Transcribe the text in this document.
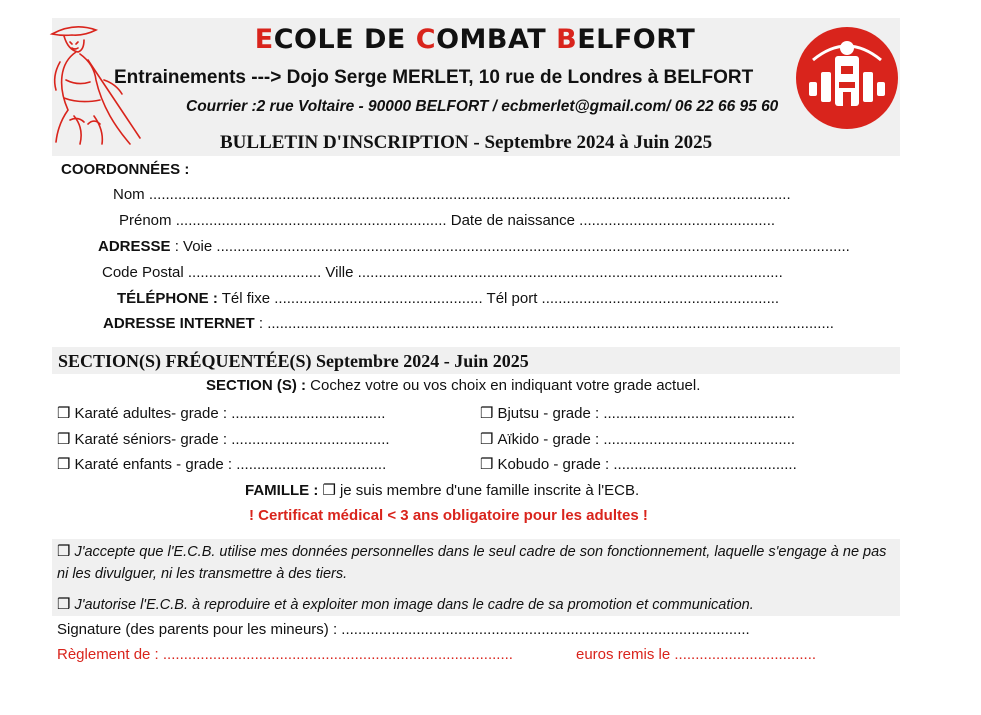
ECOLE DE COMBAT BELFORT
Entrainements ---> Dojo Serge MERLET, 10 rue de Londres à BELFORT
Courrier :2 rue Voltaire - 90000 BELFORT / ecbmerlet@gmail.com/ 06 22 66 95 60
BULLETIN D'INSCRIPTION - Septembre 2024 à Juin 2025
COORDONNÉES :
Nom ..........................................................................................................................................................
Prénom ................................................................. Date de naissance ...............................................
ADRESSE : Voie ........................................................................................................................................................
Code Postal ................................ Ville ......................................................................................................
TÉLÉPHONE : Tél fixe .................................................. Tél port .........................................................
ADRESSE INTERNET : ........................................................................................................................................
SECTION(S) FRÉQUENTÉE(S) Septembre 2024 - Juin 2025
SECTION (S) : Cochez votre ou vos choix en indiquant votre grade actuel.
❒ Karaté adultes- grade : .....................................
❒ Karaté séniors- grade : ......................................
❒ Karaté enfants - grade : ....................................
❒ Bjutsu - grade : ..............................................
❒ Aïkido - grade : ..............................................
❒ Kobudo - grade : ............................................
FAMILLE : ❒ je suis membre d'une famille inscrite à l'ECB.
! Certificat médical < 3 ans obligatoire pour les adultes !
❒ J'accepte que l'E.C.B. utilise mes données personnelles dans le seul cadre de son fonctionnement, laquelle s'engage à ne pas ni les divulguer, ni les transmettre à des tiers.
❒ J'autorise l'E.C.B. à reproduire et à exploiter mon image dans le cadre de sa promotion et communication.
Signature (des parents pour les mineurs) : ..................................................................................................
Règlement de : ....................................................................................	euros remis le ..................................
